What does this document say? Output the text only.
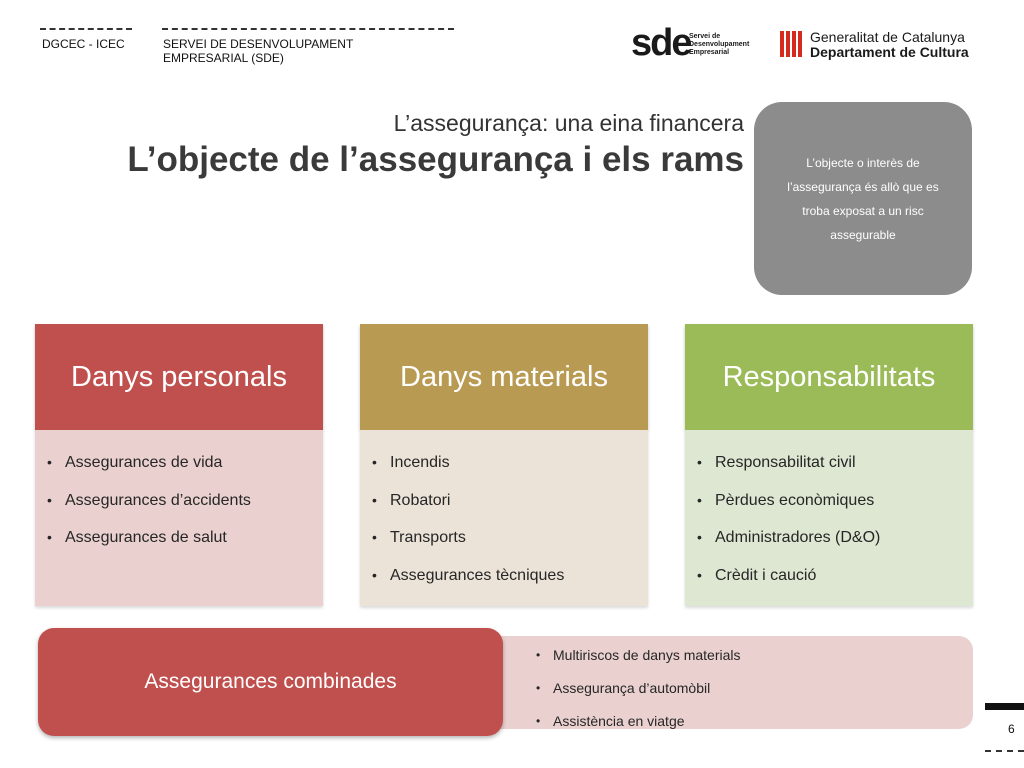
DGCEC - ICEC	SERVEI DE DESENVOLUPAMENT
EMPRESARIAL (SDE)	sde
Servei de
Desenvolupament
Empresarial
Generalitat de Catalunya
Departament de Cultura
L’assegurança: una eina financera
L’objecte de l’assegurança i els rams	L’objecte o interès de l’assegurança és allò que es troba exposat a un risc assegurable
Danys personals
• Assegurances de vida
• Assegurances d’accidents
• Assegurances de salut
Danys materials
• Incendis
• Robatori
• Transports
• Assegurances tècniques
Responsabilitats
• Responsabilitat civil
• Pèrdues econòmiques
• Administradores (D&O)
• Crèdit i caució
• Multiriscos de danys materials
• Assegurança d’automòbil
• Assistència en viatge
Assegurances combinades
6
